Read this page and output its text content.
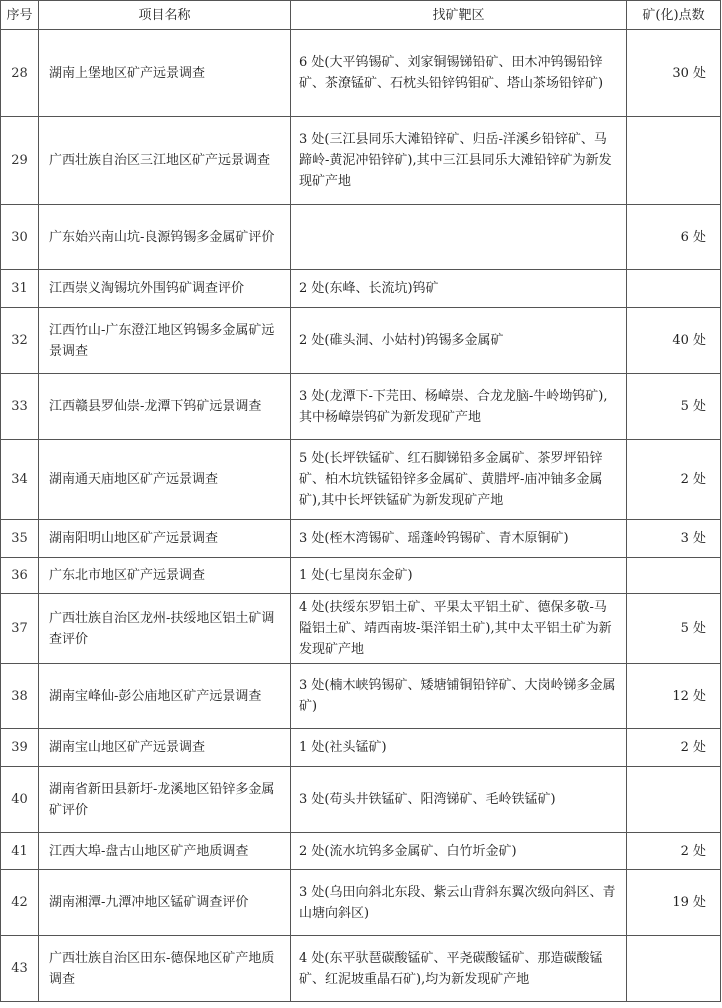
序号	项目名称	找矿靶区	矿(化)点数
28	湖南上堡地区矿产远景调查	6 处(大平钨锡矿、刘家铜锡锑铅矿、田木冲钨锡铅锌矿、茶潦锰矿、石枕头铅锌钨钼矿、塔山茶场铅锌矿)	30 处
29	广西壮族自治区三江地区矿产远景调查	3 处(三江县同乐大滩铅锌矿、归岳-洋溪乡铅锌矿、马蹄岭-黄泥冲铅锌矿),其中三江县同乐大滩铅锌矿为新发现矿产地	
30	广东始兴南山坑-良源钨锡多金属矿评价		6 处
31	江西崇义淘锡坑外围钨矿调查评价	2 处(东峰、长流坑)钨矿	
32	江西竹山-广东澄江地区钨锡多金属矿远景调查	2 处(碓头洞、小姑村)钨锡多金属矿	40 处
33	江西赣县罗仙崇-龙潭下钨矿远景调查	3 处(龙潭下-下芫田、杨嶂崇、合龙龙脑-牛岭坳钨矿),其中杨嶂崇钨矿为新发现矿产地	5 处
34	湖南通天庙地区矿产远景调查	5 处(长坪铁锰矿、红石脚锑铅多金属矿、茶罗坪铅锌矿、柏木坑铁锰铅锌多金属矿、黄腊坪-庙冲铀多金属矿),其中长坪铁锰矿为新发现矿产地	2 处
35	湖南阳明山地区矿产远景调查	3 处(桎木湾锡矿、瑶蓬岭钨锡矿、青木原铜矿)	3 处
36	广东北市地区矿产远景调查	1 处(七星岗东金矿)	
37	广西壮族自治区龙州-扶绥地区铝土矿调查评价	4 处(扶绥东罗铝土矿、平果太平铝土矿、德保多敬-马隘铝土矿、靖西南坡-渠洋铝土矿),其中太平铝土矿为新发现矿产地	5 处
38	湖南宝峰仙-彭公庙地区矿产远景调查	3 处(楠木峡钨锡矿、矮塘铺铜铅锌矿、大岗岭锑多金属矿)	12 处
39	湖南宝山地区矿产远景调查	1 处(社头锰矿)	2 处
40	湖南省新田县新圩-龙溪地区铅锌多金属矿评价	3 处(苟头井铁锰矿、阳湾锑矿、毛岭铁锰矿)	
41	江西大埠-盘古山地区矿产地质调查	2 处(流水坑钨多金属矿、白竹圻金矿)	2 处
42	湖南湘潭-九潭冲地区锰矿调查评价	3 处(乌田向斜北东段、紫云山背斜东翼次级向斜区、青山塘向斜区)	19 处
43	广西壮族自治区田东-德保地区矿产地质调查	4 处(东平驮琶碳酸锰矿、平尧碳酸锰矿、那造碳酸锰矿、红泥坡重晶石矿),均为新发现矿产地	
